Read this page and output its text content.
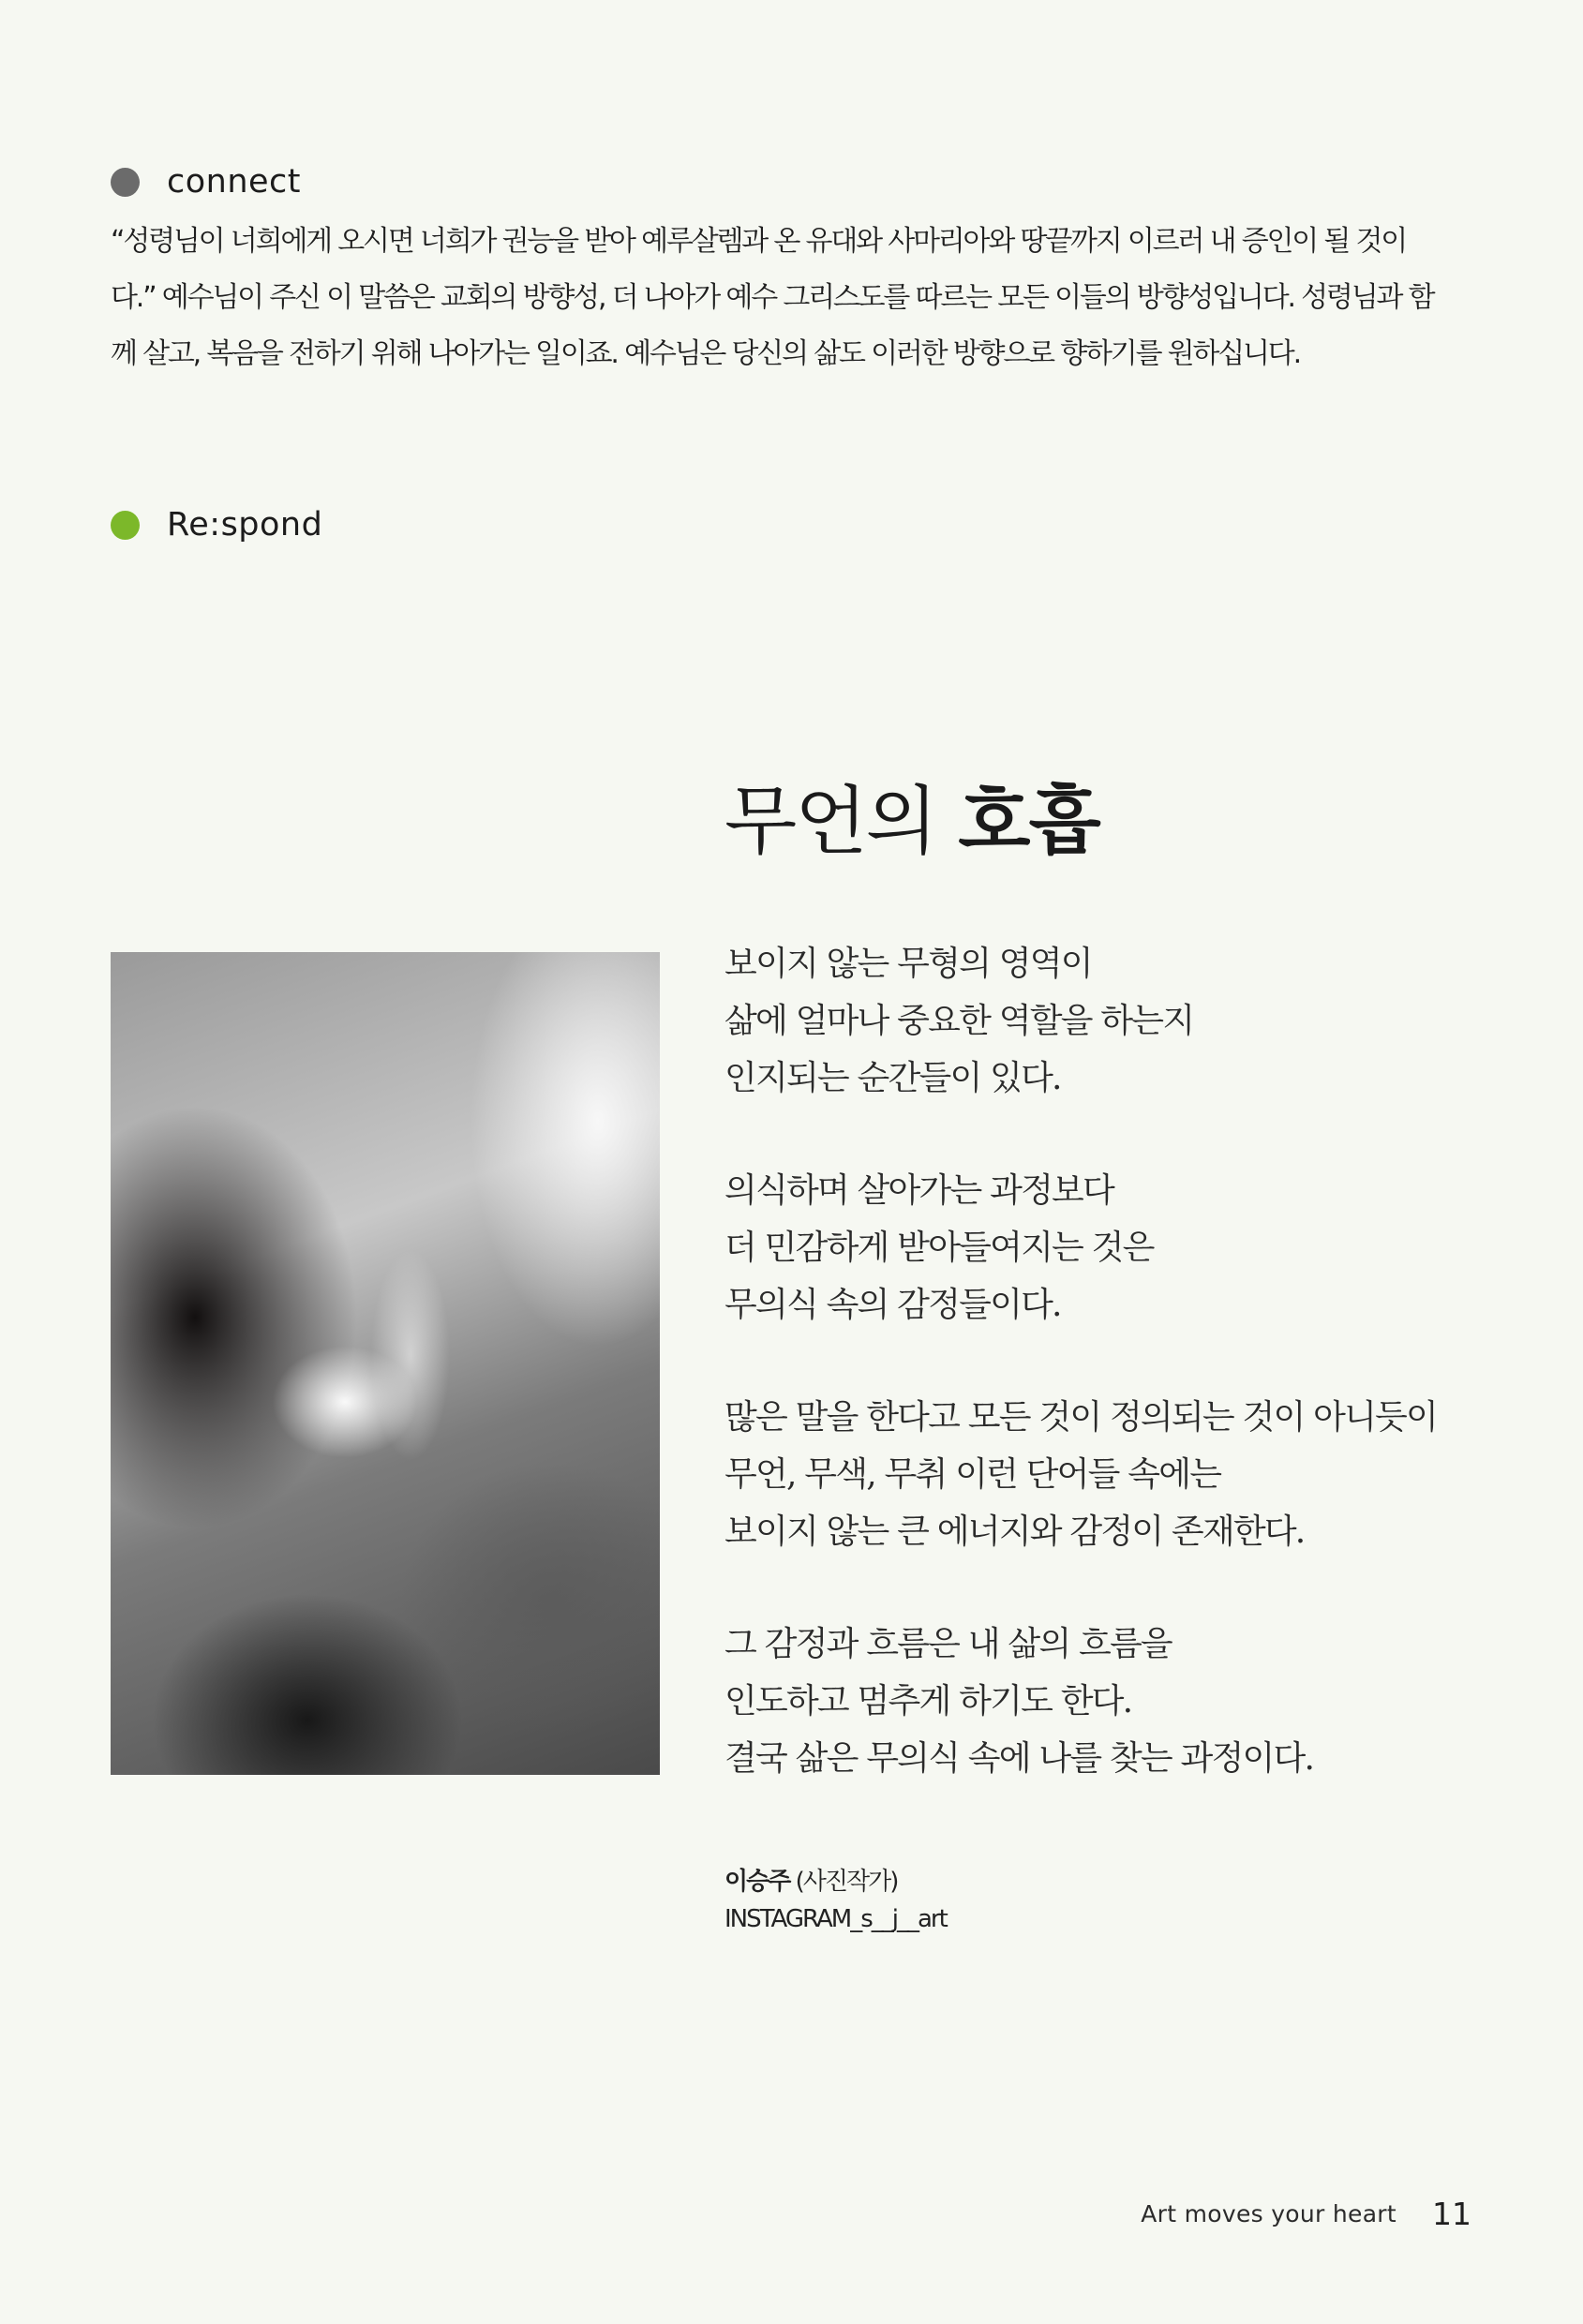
connect
“성령님이 너희에게 오시면 너희가 권능을 받아 예루살렘과 온 유대와 사마리아와 땅끝까지 이르러 내 증인이 될 것이
다.” 예수님이 주신 이 말씀은 교회의 방향성, 더 나아가 예수 그리스도를 따르는 모든 이들의 방향성입니다. 성령님과 함
께 살고, 복음을 전하기 위해 나아가는 일이죠. 예수님은 당신의 삶도 이러한 방향으로 향하기를 원하십니다.
Re:spond
무언의 호흡
보이지 않는 무형의 영역이
삶에 얼마나 중요한 역할을 하는지
인지되는 순간들이 있다.
의식하며 살아가는 과정보다
더 민감하게 받아들여지는 것은
무의식 속의 감정들이다.
많은 말을 한다고 모든 것이 정의되는 것이 아니듯이
무언, 무색, 무취 이런 단어들 속에는
보이지 않는 큰 에너지와 감정이 존재한다.
그 감정과 흐름은 내 삶의 흐름을
인도하고 멈추게 하기도 한다.
결국 삶은 무의식 속에 나를 찾는 과정이다.
이승주 (사진작가)
INSTAGRAM_s__j__art
Art moves your heart 11
